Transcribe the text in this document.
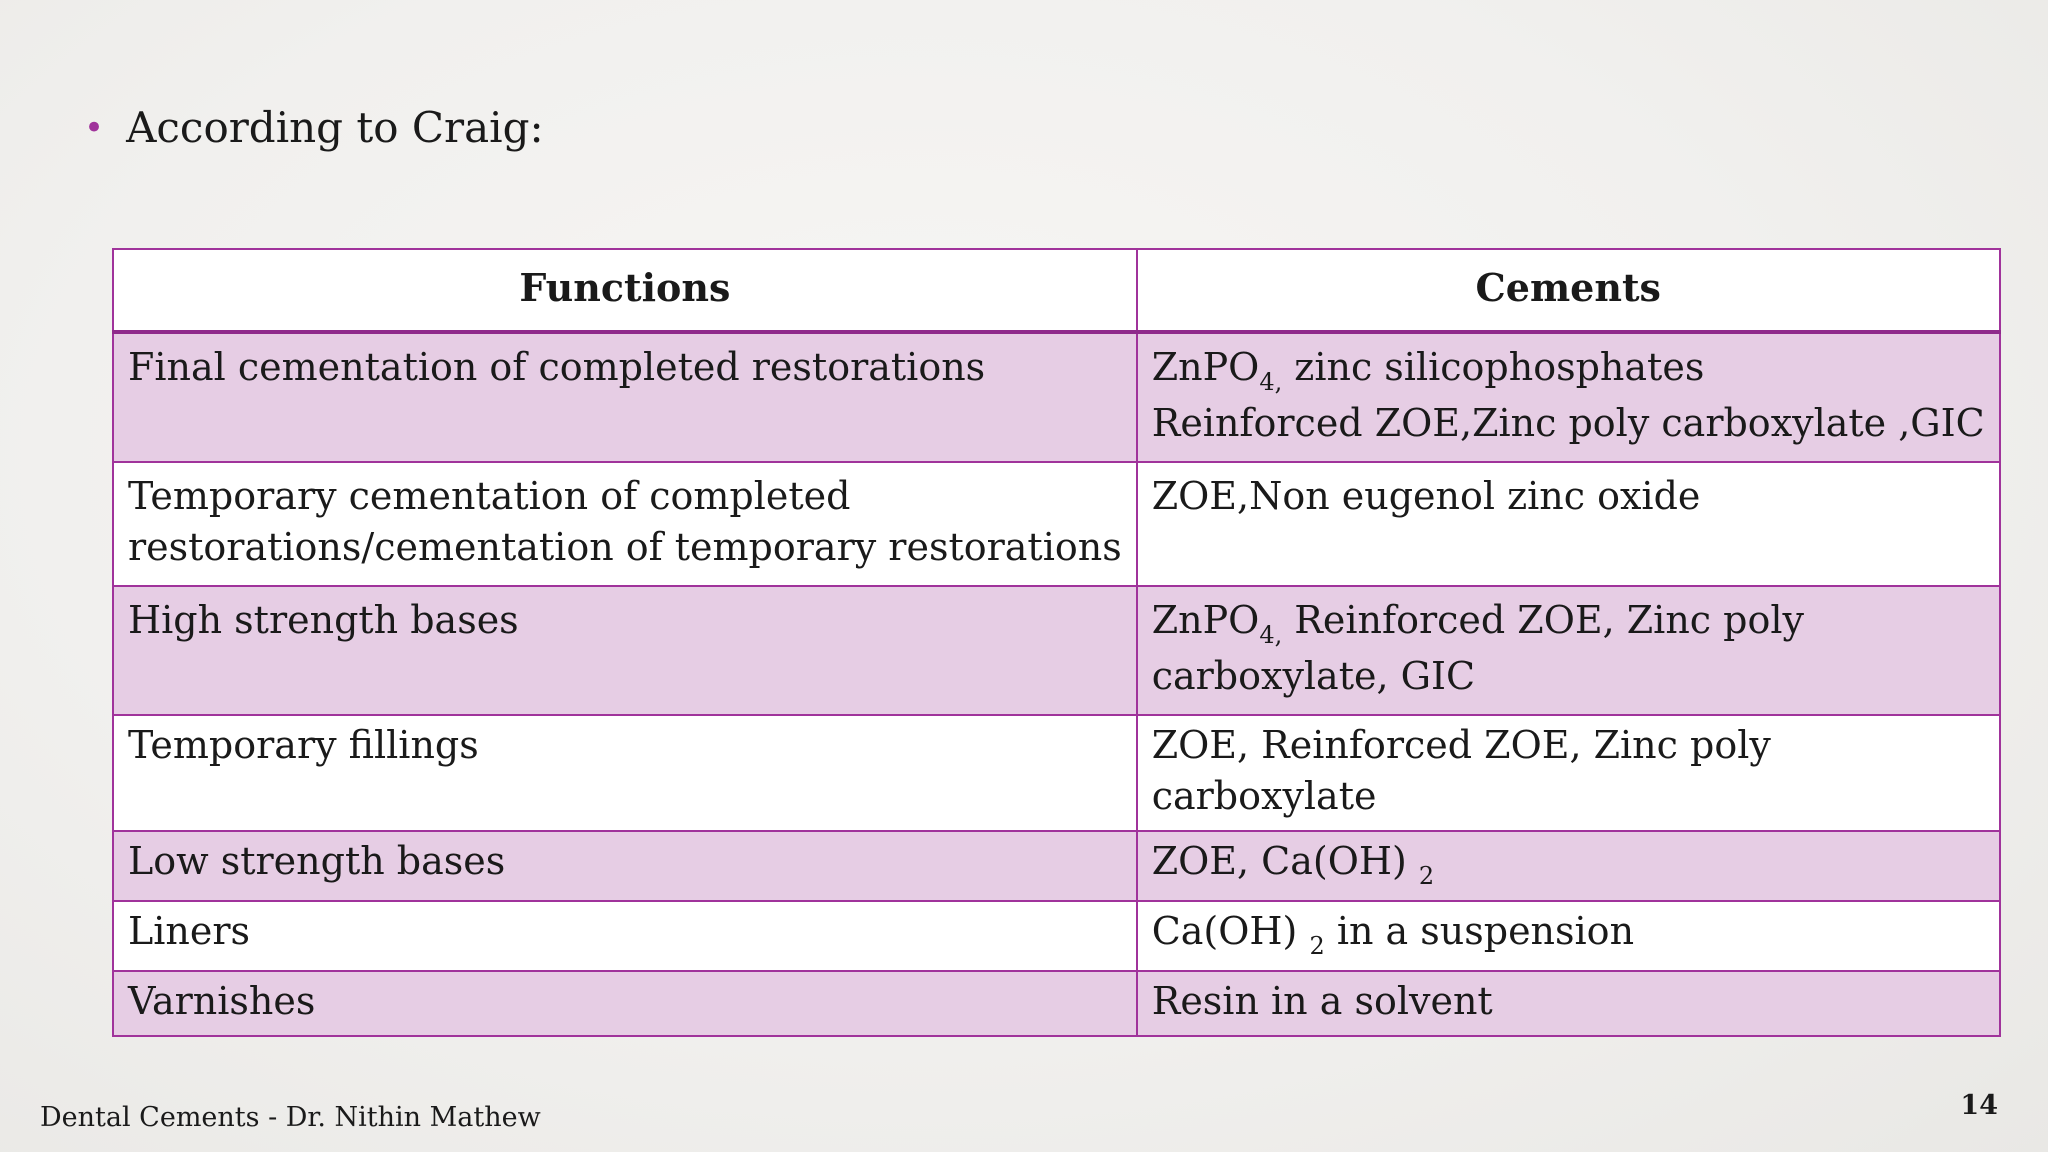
• According to Craig:
Functions	Cements
Final cementation of completed restorations	ZnPO$_{4,}$ zinc silicophosphates
Reinforced ZOE,Zinc poly carboxylate ,GIC

Temporary cementation of completed
restorations/cementation of temporary restorations	ZOE,Non eugenol zinc oxide
High strength bases	ZnPO$_{4,}$ Reinforced ZOE, Zinc poly
carboxylate, GIC

Temporary fillings	ZOE, Reinforced ZOE, Zinc poly carboxylate
Low strength bases	ZOE, Ca(OH) $_2$
Liners	Ca(OH) $_2$ in a suspension
Varnishes	Resin in a solvent
Dental Cements - Dr. Nithin Mathew	14
